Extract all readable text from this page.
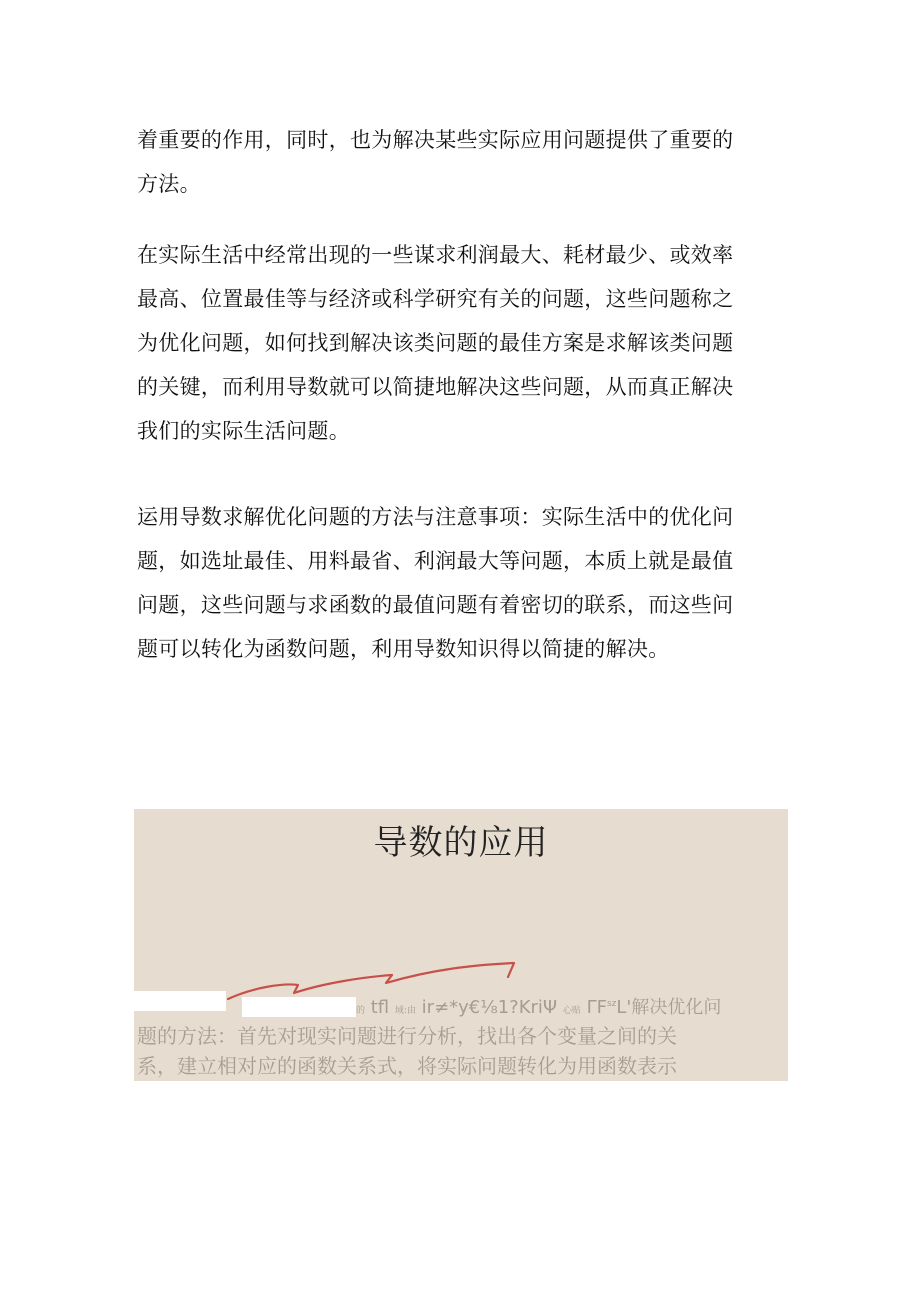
着重要的作用，同时，也为解决某些实际应用问题提供了重要的
方法。
在实际生活中经常出现的一些谋求利润最大、耗材最少、或效率
最高、位置最佳等与经济或科学研究有关的问题，这些问题称之
为优化问题，如何找到解决该类问题的最佳方案是求解该类问题
的关键，而利用导数就可以简捷地解决这些问题，从而真正解决
我们的实际生活问题。
运用导数求解优化问题的方法与注意事项：实际生活中的优化问
题，如选址最佳、用料最省、利润最大等问题，本质上就是最值
问题，这些问题与求函数的最值问题有着密切的联系，而这些问
题可以转化为函数问题，利用导数知识得以简捷的解决。
导数的应用
的 tfl 域:由 ir≠*y€⅛1?KriΨ 心贴 $\Gamma F^{sz}L'$解决优化问
题的方法：首先对现实问题进行分析，找出各个变量之间的关
系，建立相对应的函数关系式，将实际问题转化为用函数表示
